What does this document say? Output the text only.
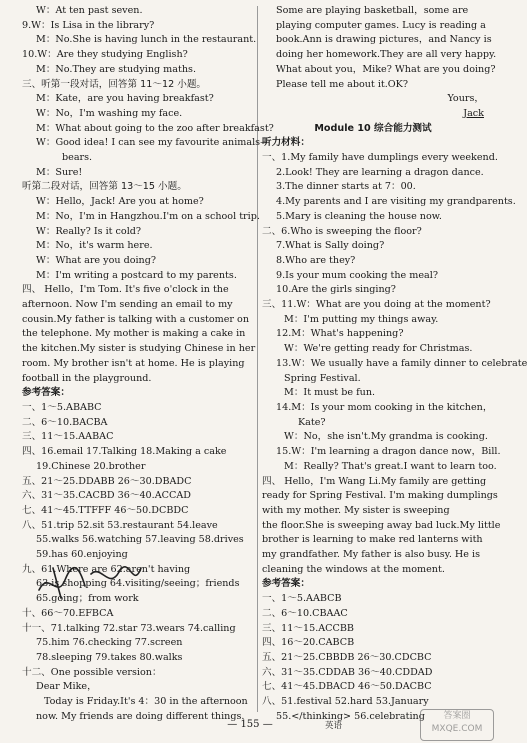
W：At ten past seven.
9.W：Is Lisa in the library?
M：No.She is having lunch in the restaurant.
10.W：Are they studying English?
M：No.They are studying maths.
三、听第一段对话，回答第 11～12 小题。
M：Kate，are you having breakfast?
W：No，I'm washing my face.
M：What about going to the zoo after breakfast?
W：Good idea! I can see my favourite animals—
bears.
M：Sure!
听第二段对话，回答第 13～15 小题。
W：Hello，Jack! Are you at home?
M：No，I'm in Hangzhou.I'm on a school trip.
W：Really? Is it cold?
M：No，it's warm here.
W：What are you doing?
M：I'm writing a postcard to my parents.
四、 Hello，I'm Tom. It's five o'clock in the
afternoon. Now I'm sending an email to my
cousin.My father is talking with a customer on
the telephone. My mother is making a cake in
the kitchen.My sister is studying Chinese in her
room. My brother isn't at home. He is playing
football in the playground.
参考答案：
一、1～5.ABABC
二、6～10.BACBA
三、11～15.AABAC
四、16.email 17.Talking 18.Making a cake
19.Chinese 20.brother
五、21～25.DDABB 26～30.DBADC
六、31～35.CACBD 36～40.ACCAD
七、41～45.TTFFF 46～50.DCBDC
八、51.trip 52.sit 53.restaurant 54.leave
55.walks 56.watching 57.leaving 58.drives
59.has 60.enjoying
九、61.Where are 62.aren't having
63.is shopping 64.visiting/seeing；friends
65.going；from work
十、66～70.EFBCA
十一、71.talking 72.star 73.wears 74.calling
75.him 76.checking 77.screen
78.sleeping 79.takes 80.walks
十二、One possible version：
Dear Mike，
Today is Friday.It's 4：30 in the afternoon
now. My friends are doing different things.
Some are playing basketball，some are
playing computer games. Lucy is reading a
book.Ann is drawing pictures，and Nancy is
doing her homework.They are all very happy.
What about you，Mike? What are you doing?
Please tell me about it.OK?
Yours，
Jack
Module 10 综合能力测试
听力材料：
一、1.My family have dumplings every weekend.
2.Look! They are learning a dragon dance.
3.The dinner starts at 7：00.
4.My parents and I are visiting my grandparents.
5.Mary is cleaning the house now.
二、6.Who is sweeping the floor?
7.What is Sally doing?
8.Who are they?
9.Is your mum cooking the meal?
10.Are the girls singing?
三、11.W：What are you doing at the moment?
M：I'm putting my things away.
12.M：What's happening?
W：We're getting ready for Christmas.
13.W：We usually have a family dinner to celebrate
Spring Festival.
M：It must be fun.
14.M：Is your mom cooking in the kitchen，
Kate?
W：No，she isn't.My grandma is cooking.
15.W：I'm learning a dragon dance now，Bill.
M：Really? That's great.I want to learn too.
四、 Hello，I'm Wang Li.My family are getting
ready for Spring Festival. I'm making dumplings
with my mother. My sister is sweeping
the floor.She is sweeping away bad luck.My little
brother is learning to make red lanterns with
my grandfather. My father is also busy. He is
cleaning the windows at the moment.
参考答案：
一、1～5.AABCB
二、6～10.CBAAC
三、11～15.ACCBB
四、16～20.CABCB
五、21～25.CBBDB 26～30.CDCBC
六、31～35.CDDAB 36～40.CDDAD
七、41～45.DBACD 46～50.DACBC
八、51.festival 52.hard 53.January
55.</thinking> 56.celebrating
— 155 —	英语
答案圈 MXQE.COM
